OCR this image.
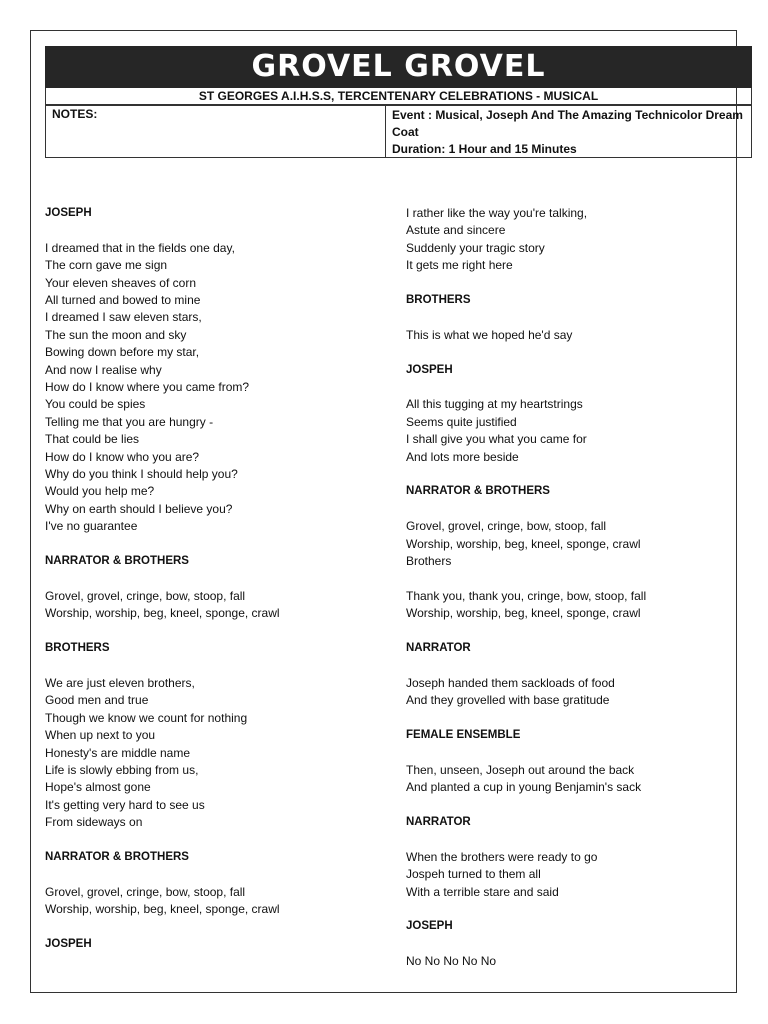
GROVEL GROVEL
ST GEORGES A.I.H.S.S, TERCENTENARY CELEBRATIONS - MUSICAL
NOTES:	Event : Musical, Joseph And The Amazing Technicolor Dream Coat
Duration: 1 Hour and 15 Minutes
JOSEPH
I dreamed that in the fields one day,
The corn gave me sign
Your eleven sheaves of corn
All turned and bowed to mine
I dreamed I saw eleven stars,
The sun the moon and sky
Bowing down before my star,
And now I realise why
How do I know where you came from?
You could be spies
Telling me that you are hungry -
That could be lies
How do I know who you are?
Why do you think I should help you?
Would you help me?
Why on earth should I believe you?
I've no guarantee
NARRATOR & BROTHERS
Grovel, grovel, cringe, bow, stoop, fall
Worship, worship, beg, kneel, sponge, crawl
BROTHERS
We are just eleven brothers,
Good men and true
Though we know we count for nothing
When up next to you
Honesty's are middle name
Life is slowly ebbing from us,
Hope's almost gone
It's getting very hard to see us
From sideways on
NARRATOR & BROTHERS
Grovel, grovel, cringe, bow, stoop, fall
Worship, worship, beg, kneel, sponge, crawl
JOSPEH
I rather like the way you're talking,
Astute and sincere
Suddenly your tragic story
It gets me right here
BROTHERS
This is what we hoped he'd say
JOSPEH
All this tugging at my heartstrings
Seems quite justified
I shall give you what you came for
And lots more beside
NARRATOR & BROTHERS
Grovel, grovel, cringe, bow, stoop, fall
Worship, worship, beg, kneel, sponge, crawl
Brothers

Thank you, thank you, cringe, bow, stoop, fall
Worship, worship, beg, kneel, sponge, crawl
NARRATOR
Joseph handed them sackloads of food
And they grovelled with base gratitude
FEMALE ENSEMBLE
Then, unseen, Joseph out around the back
And planted a cup in young Benjamin's sack
NARRATOR
When the brothers were ready to go
Jospeh turned to them all
With a terrible stare and said
JOSEPH
No No No No No
